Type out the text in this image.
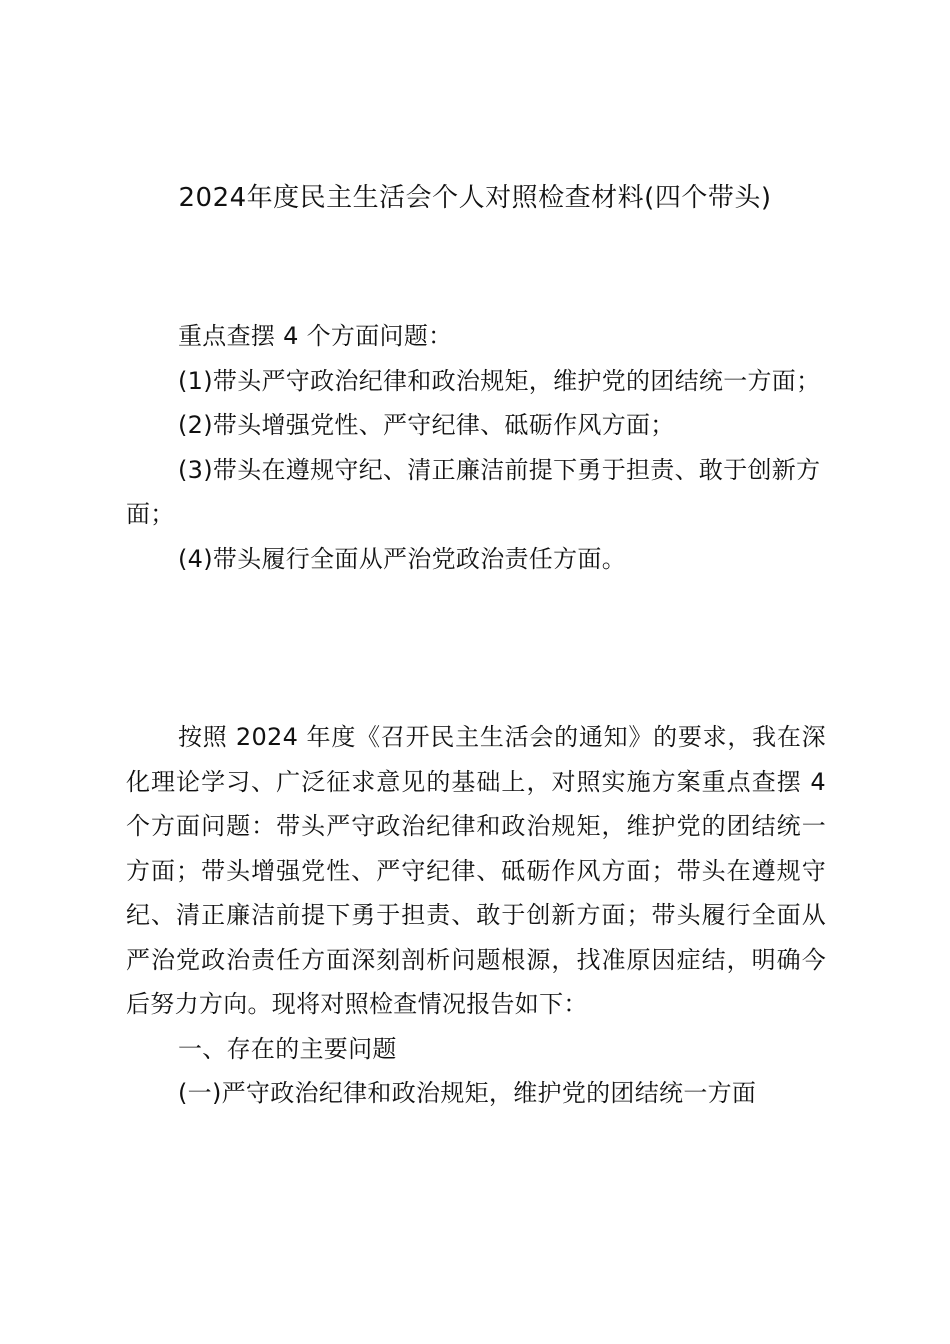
2024年度民主生活会个人对照检查材料(四个带头)

重点查摆 4 个方面问题：

(1)带头严守政治纪律和政治规矩，维护党的团结统一方面；

(2)带头增强党性、严守纪律、砥砺作风方面；

(3)带头在遵规守纪、清正廉洁前提下勇于担责、敢于创新方面；

(4)带头履行全面从严治党政治责任方面。

按照 2024 年度《召开民主生活会的通知》的要求，我在深化理论学习、广泛征求意见的基础上，对照实施方案重点查摆 4 个方面问题：带头严守政治纪律和政治规矩，维护党的团结统一方面；带头增强党性、严守纪律、砥砺作风方面；带头在遵规守纪、清正廉洁前提下勇于担责、敢于创新方面；带头履行全面从严治党政治责任方面深刻剖析问题根源，找准原因症结，明确今后努力方向。现将对照检查情况报告如下：

一、存在的主要问题

(一)严守政治纪律和政治规矩，维护党的团结统一方面
